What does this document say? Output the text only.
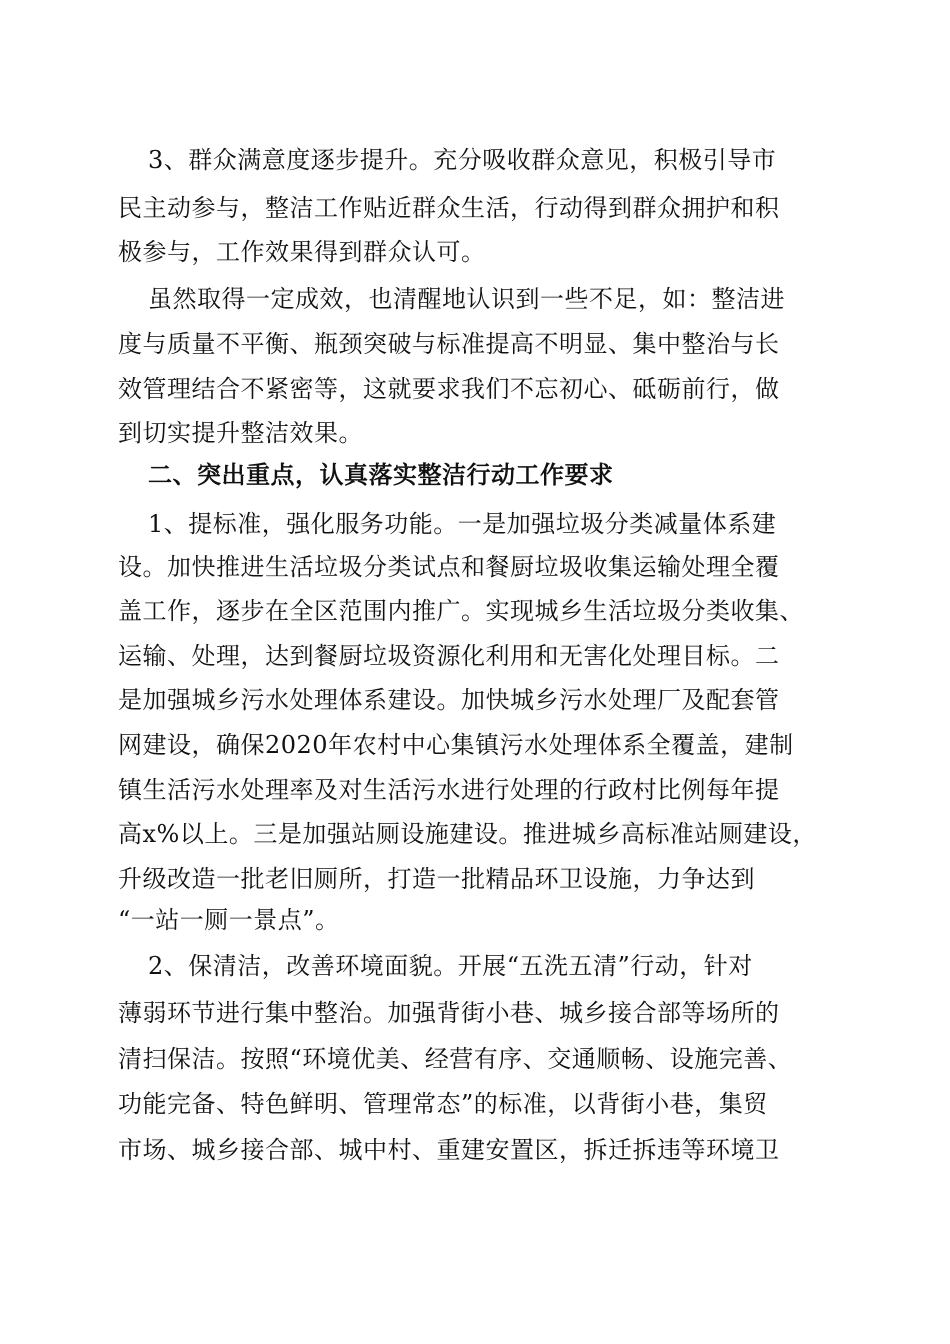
3、群众满意度逐步提升。充分吸收群众意见，积极引导市

民主动参与，整洁工作贴近群众生活，行动得到群众拥护和积

极参与，工作效果得到群众认可。

虽然取得一定成效，也清醒地认识到一些不足，如：整洁进

度与质量不平衡、瓶颈突破与标准提高不明显、集中整治与长

效管理结合不紧密等，这就要求我们不忘初心、砥砺前行，做

到切实提升整洁效果。

二、突出重点，认真落实整洁行动工作要求

1、提标准，强化服务功能。一是加强垃圾分类减量体系建

设。加快推进生活垃圾分类试点和餐厨垃圾收集运输处理全覆

盖工作，逐步在全区范围内推广。实现城乡生活垃圾分类收集、

运输、处理，达到餐厨垃圾资源化利用和无害化处理目标。二

是加强城乡污水处理体系建设。加快城乡污水处理厂及配套管

网建设，确保2020年农村中心集镇污水处理体系全覆盖，建制

镇生活污水处理率及对生活污水进行处理的行政村比例每年提

高x%以上。三是加强站厕设施建设。推进城乡高标准站厕建设，

升级改造一批老旧厕所，打造一批精品环卫设施，力争达到

“一站一厕一景点”。

2、保清洁，改善环境面貌。开展“五洗五清”行动，针对

薄弱环节进行集中整治。加强背街小巷、城乡接合部等场所的

清扫保洁。按照“环境优美、经营有序、交通顺畅、设施完善、

功能完备、特色鲜明、管理常态”的标准，以背街小巷，集贸

市场、城乡接合部、城中村、重建安置区，拆迁拆违等环境卫
